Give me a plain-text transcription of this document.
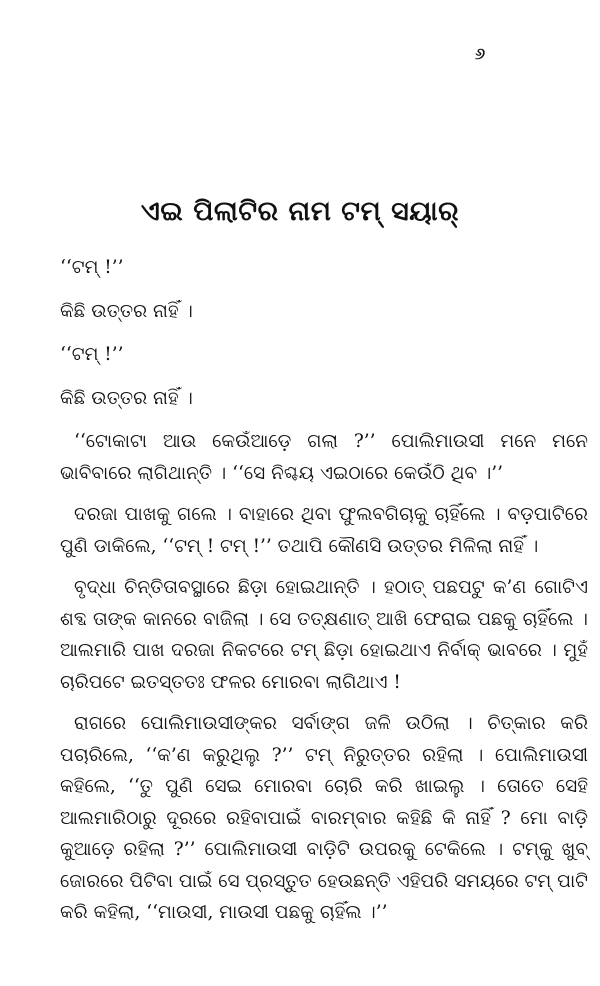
୬
ଏଇ ପିଲାଟିର ନାମ ଟମ୍ ସୟାର୍

‘‘ଟମ୍ !’’

କିଛି ଉତ୍ତର ନାହିଁ ।

‘‘ଟମ୍ !’’

କିଛି ଉତ୍ତର ନାହିଁ ।

‘‘ଟୋକାଟା ଆଉ କେଉଁଆଡ଼େ ଗଲା ?’’ ପୋଲିମାଉସୀ ମନେ ମନେ ଭାବିବାରେ ଲାଗିଥାନ୍ତି । ‘‘ସେ ନିଶ୍ଚୟ ଏଇଠାରେ କେଉଁଠି ଥିବ ।’’

ଦରଜା ପାଖକୁ ଗଲେ । ବାହାରେ ଥିବା ଫୁଲବଗିଚାକୁ ଚାହିଁଲେ । ବଡ଼ପାଟିରେ ପୁଣି ଡାକିଲେ, ‘‘ଟମ୍ ! ଟମ୍ !’’ ତଥାପି କୌଣସି ଉତ୍ତର ମିଳିଲା ନାହିଁ ।

ବୃଦ୍ଧା ଚିନ୍ତିତାବସ୍ଥାରେ ଛିଡ଼ା ହୋଇଥାନ୍ତି । ହଠାତ୍ ପଛପଟୁ କ’ଣ ଗୋଟିଏ ଶବ୍ଦ ତାଙ୍କ କାନରେ ବାଜିଲା । ସେ ତତ୍କ୍ଷଣାତ୍ ଆଖି ଫେରାଇ ପଛକୁ ଚାହିଁଲେ । ଆଲମାରି ପାଖ ଦରଜା ନିକଟରେ ଟମ୍ ଛିଡ଼ା ହୋଇଥାଏ ନିର୍ବାକ୍ ଭାବରେ । ମୁହଁ ଚାରିପଟେ ଇତସ୍ତତଃ ଫଳର ମୋରବା ଲାଗିଥାଏ !

ରାଗରେ ପୋଲିମାଉସୀଙ୍କର ସର୍ବାଙ୍ଗ ଜଳି ଉଠିଲା । ଚିତ୍କାର କରି ପଚାରିଲେ, ‘‘କ’ଣ କରୁଥିଲୁ ?’’ ଟମ୍ ନିରୁତ୍ତର ରହିଲା । ପୋଲିମାଉସୀ କହିଲେ, ‘‘ତୁ ପୁଣି ସେଇ ମୋରବା ଚୋରି କରି ଖାଇଲୁ । ତୋତେ ସେହି ଆଲମାରିଠାରୁ ଦୂରରେ ରହିବାପାଇଁ ବାରମ୍ବାର କହିଛି କି ନାହିଁ ? ମୋ ବାଡ଼ି କୁଆଡ଼େ ରହିଲା ?’’ ପୋଲିମାଉସୀ ବାଡ଼ିଟି ଉପରକୁ ଟେକିଲେ । ଟମ୍‌କୁ ଖୁବ୍ ଜୋରରେ ପିଟିବା ପାଇଁ ସେ ପ୍ରସ୍ତୁତ ହେଉଛନ୍ତି ଏହିପରି ସମୟରେ ଟମ୍ ପାଟି କରି କହିଲା, ‘‘ମାଉସୀ, ମାଉସୀ ପଛକୁ ଚାହିଁଲ ।’’
